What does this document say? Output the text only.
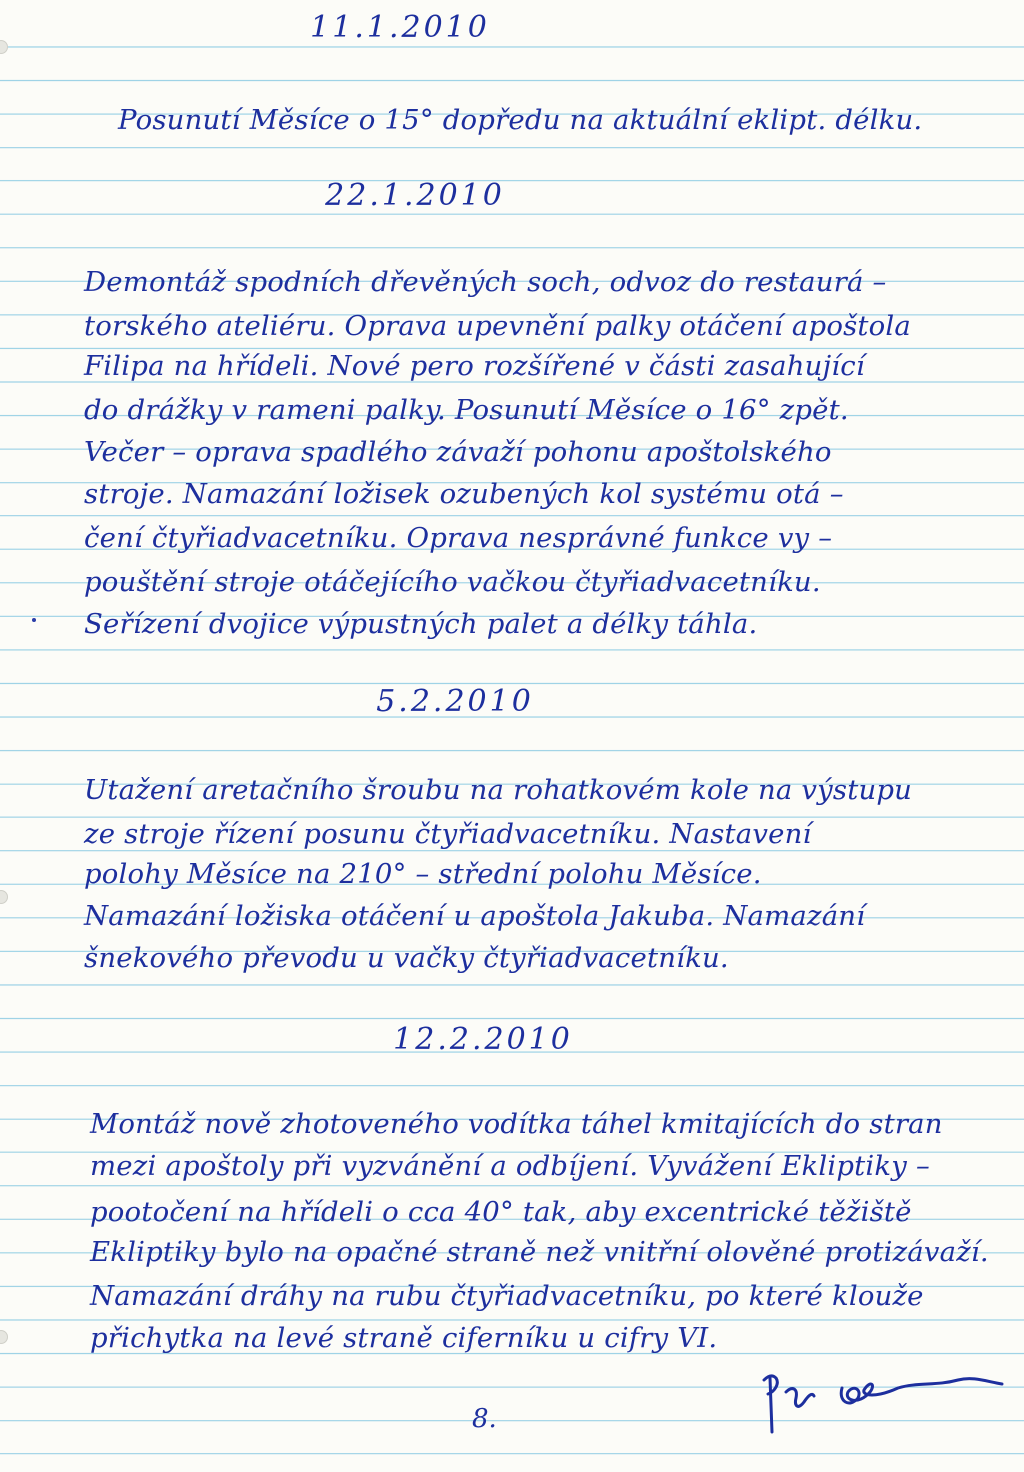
11.1.2010
Posunutí Měsíce o 15° dopředu na aktuální eklipt. délku.
22.1.2010
Demontáž spodních dřevěných soch, odvoz do restaurá –
torského ateliéru. Oprava upevnění palky otáčení apoštola
Filipa na hřídeli. Nové pero rozšířené v části zasahující
do drážky v rameni palky. Posunutí Měsíce o 16° zpět.
Večer – oprava spadlého závaží pohonu apoštolského
stroje. Namazání ložisek ozubených kol systému otá –
čení čtyřiadvacetníku. Oprava nesprávné funkce vy –
pouštění stroje otáčejícího vačkou čtyřiadvacetníku.
Seřízení dvojice výpustných palet a délky táhla.
5.2.2010
Utažení aretačního šroubu na rohatkovém kole na výstupu
ze stroje řízení posunu čtyřiadvacetníku. Nastavení
polohy Měsíce na 210° – střední polohu Měsíce.
Namazání ložiska otáčení u apoštola Jakuba. Namazání
šnekového převodu u vačky čtyřiadvacetníku.
12.2.2010
Montáž nově zhotoveného vodítka táhel kmitajících do stran
mezi apoštoly při vyzvánění a odbíjení. Vyvážení Ekliptiky –
pootočení na hřídeli o cca 40° tak, aby excentrické těžiště
Ekliptiky bylo na opačné straně než vnitřní olověné protizávaží.
Namazání dráhy na rubu čtyřiadvacetníku, po které klouže
přichytka na levé straně ciferníku u cifry VI.
8.
